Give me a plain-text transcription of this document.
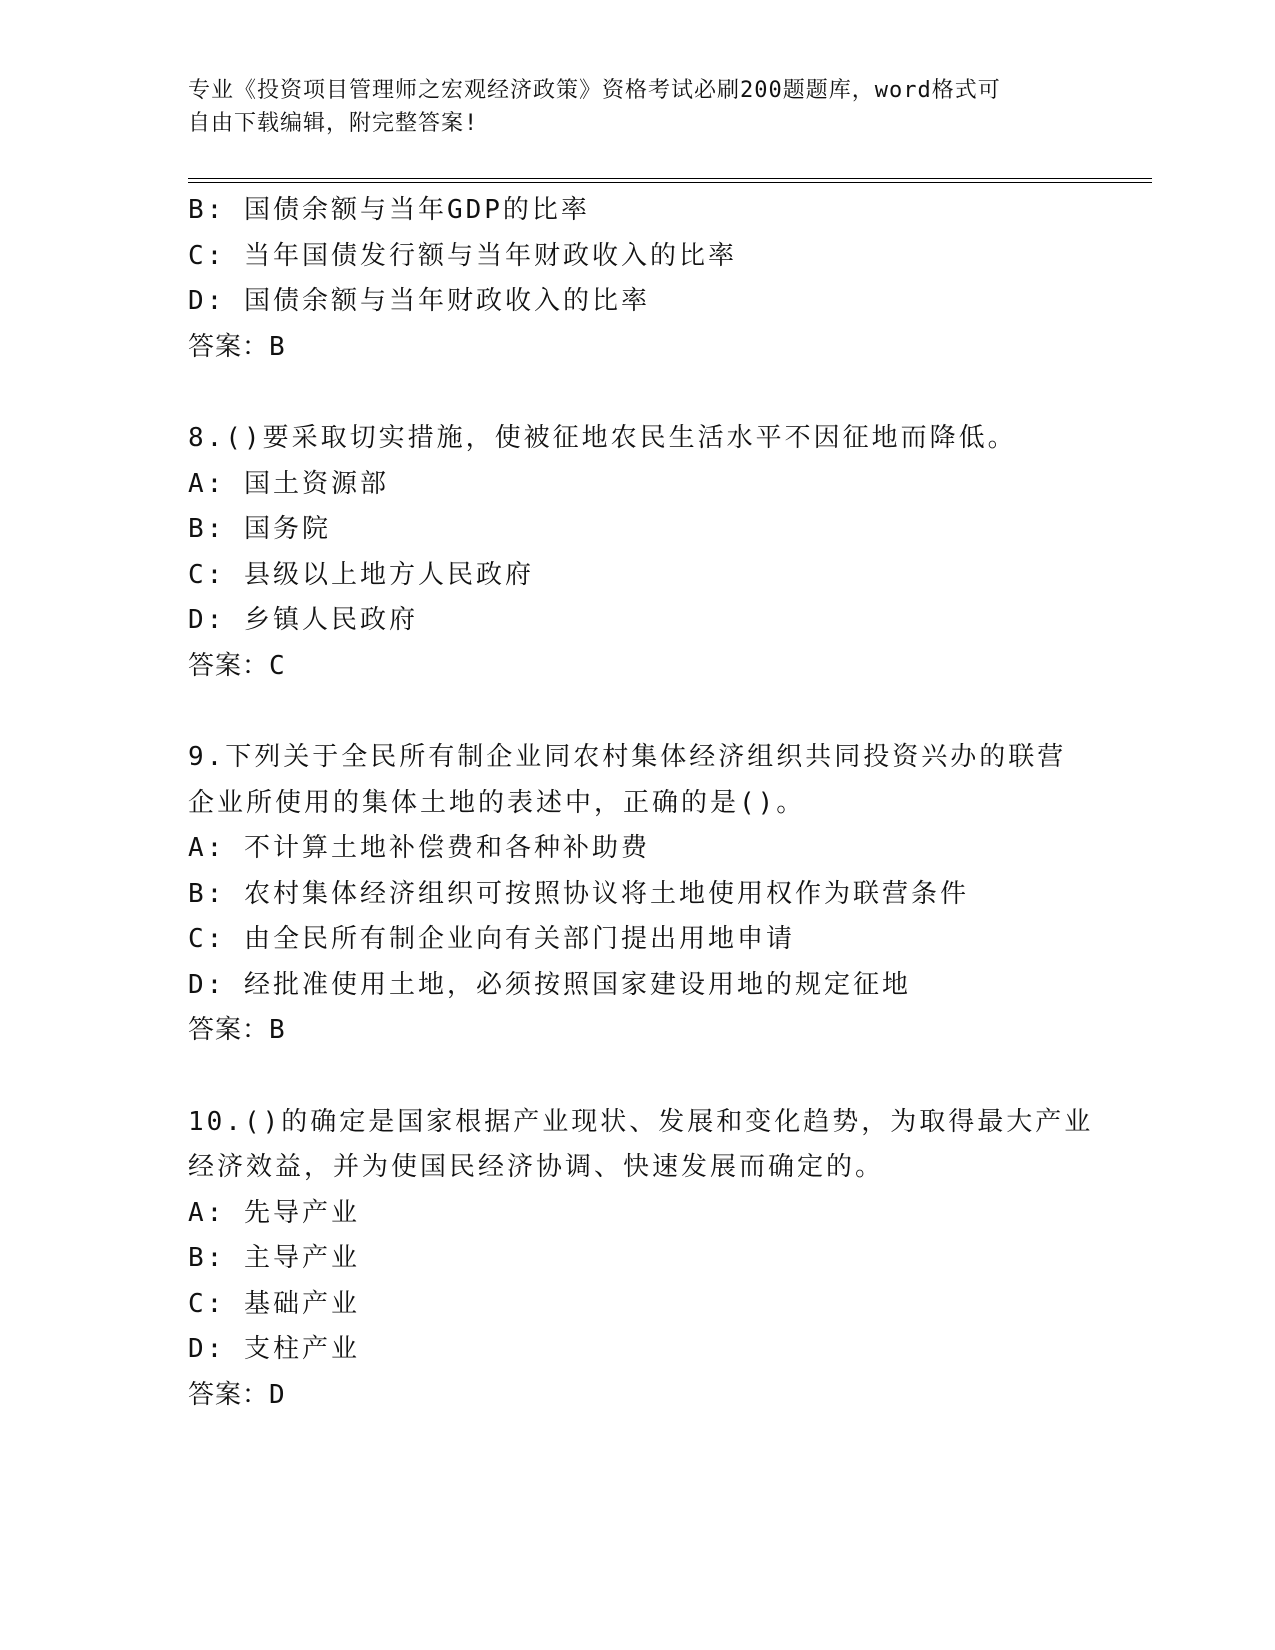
专业《投资项目管理师之宏观经济政策》资格考试必刷200题题库，word格式可
自由下载编辑，附完整答案!
B: 国债余额与当年GDP的比率
C: 当年国债发行额与当年财政收入的比率
D: 国债余额与当年财政收入的比率
答案：B
8.()要采取切实措施，使被征地农民生活水平不因征地而降低。
A: 国土资源部
B: 国务院
C: 县级以上地方人民政府
D: 乡镇人民政府
答案：C
9.下列关于全民所有制企业同农村集体经济组织共同投资兴办的联营
企业所使用的集体土地的表述中，正确的是()。
A: 不计算土地补偿费和各种补助费
B: 农村集体经济组织可按照协议将土地使用权作为联营条件
C: 由全民所有制企业向有关部门提出用地申请
D: 经批准使用土地，必须按照国家建设用地的规定征地
答案：B
10.()的确定是国家根据产业现状、发展和变化趋势，为取得最大产业
经济效益，并为使国民经济协调、快速发展而确定的。
A: 先导产业
B: 主导产业
C: 基础产业
D: 支柱产业
答案：D
